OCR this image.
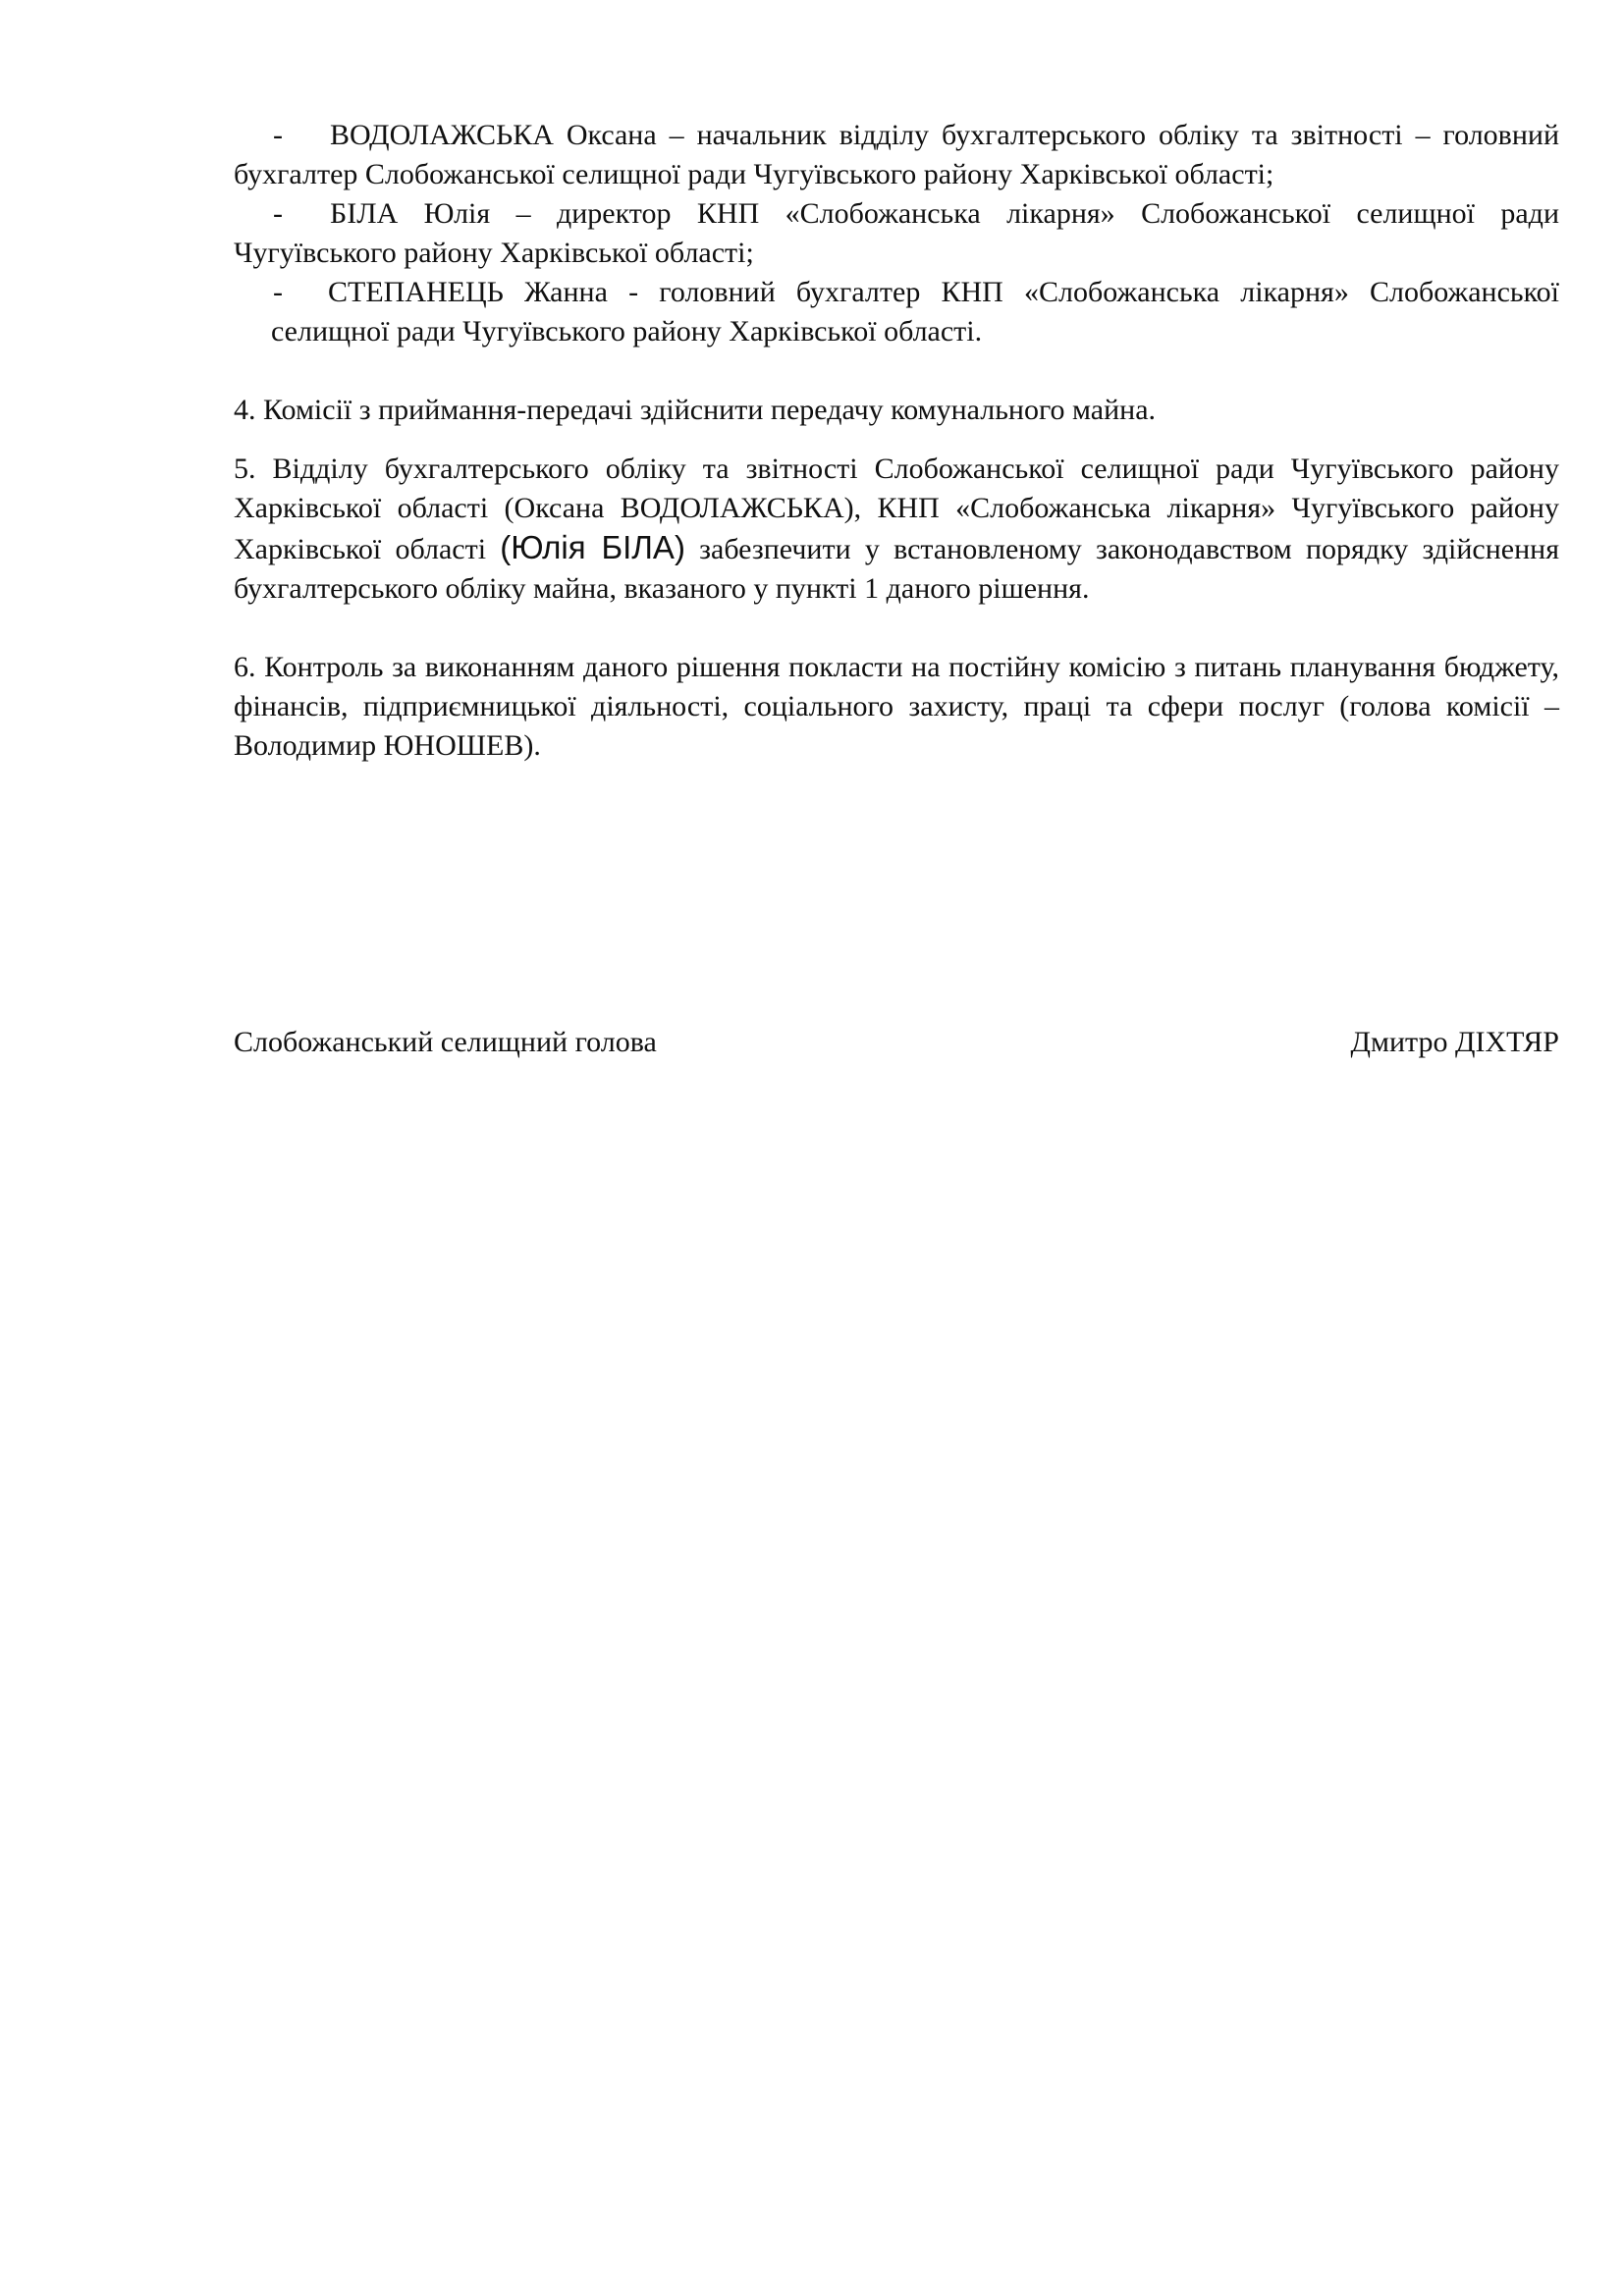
- ВОДОЛАЖСЬКА Оксана – начальник відділу бухгалтерського обліку та звітності – головний бухгалтер Слобожанської селищної ради Чугуївського району Харківської області;

- БІЛА Юлія – директор КНП «Слобожанська лікарня» Слобожанської селищної ради Чугуївського району Харківської області;

- СТЕПАНЕЦЬ Жанна - головний бухгалтер КНП «Слобожанська лікарня» Слобожанської селищної ради Чугуївського району Харківської області.

4. Комісії з приймання-передачі здійснити передачу комунального майна.

5. Відділу бухгалтерського обліку та звітності Слобожанської селищної ради Чугуївського району Харківської області (Оксана ВОДОЛАЖСЬКА), КНП «Слобожанська лікарня» Чугуївського району Харківської області (Юлія БІЛА) забезпечити у встановленому законодавством порядку здійснення бухгалтерського обліку майна, вказаного у пункті 1 даного рішення.

6. Контроль за виконанням даного рішення покласти на постійну комісію з питань планування бюджету, фінансів, підприємницької діяльності, соціального захисту, праці та сфери послуг (голова комісії – Володимир ЮНОШЕВ).

Слобожанський селищний голова	Дмитро ДІХТЯР
